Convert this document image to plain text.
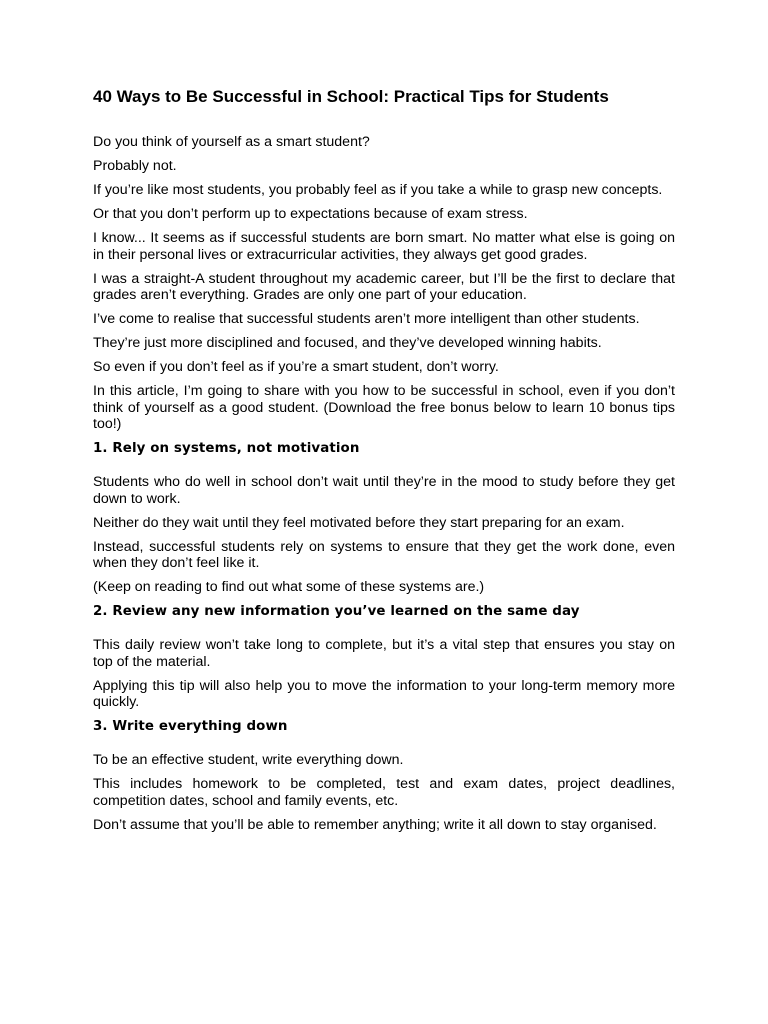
40 Ways to Be Successful in School: Practical Tips for Students

Do you think of yourself as a smart student?

Probably not.

If you’re like most students, you probably feel as if you take a while to grasp new concepts.

Or that you don’t perform up to expectations because of exam stress.

I know... It seems as if successful students are born smart. No matter what else is going on in their personal lives or extracurricular activities, they always get good grades.

I was a straight-A student throughout my academic career, but I’ll be the first to declare that grades aren’t everything. Grades are only one part of your education.

I’ve come to realise that successful students aren’t more intelligent than other students.

They’re just more disciplined and focused, and they’ve developed winning habits.

So even if you don’t feel as if you’re a smart student, don’t worry.

In this article, I’m going to share with you how to be successful in school, even if you don’t think of yourself as a good student. (Download the free bonus below to learn 10 bonus tips too!)

1. Rely on systems, not motivation

Students who do well in school don’t wait until they’re in the mood to study before they get down to work.

Neither do they wait until they feel motivated before they start preparing for an exam.

Instead, successful students rely on systems to ensure that they get the work done, even when they don’t feel like it.

(Keep on reading to find out what some of these systems are.)

2. Review any new information you’ve learned on the same day

This daily review won’t take long to complete, but it’s a vital step that ensures you stay on top of the material.

Applying this tip will also help you to move the information to your long-term memory more quickly.

3. Write everything down

To be an effective student, write everything down.

This includes homework to be completed, test and exam dates, project deadlines, competition dates, school and family events, etc.

Don’t assume that you’ll be able to remember anything; write it all down to stay organised.
